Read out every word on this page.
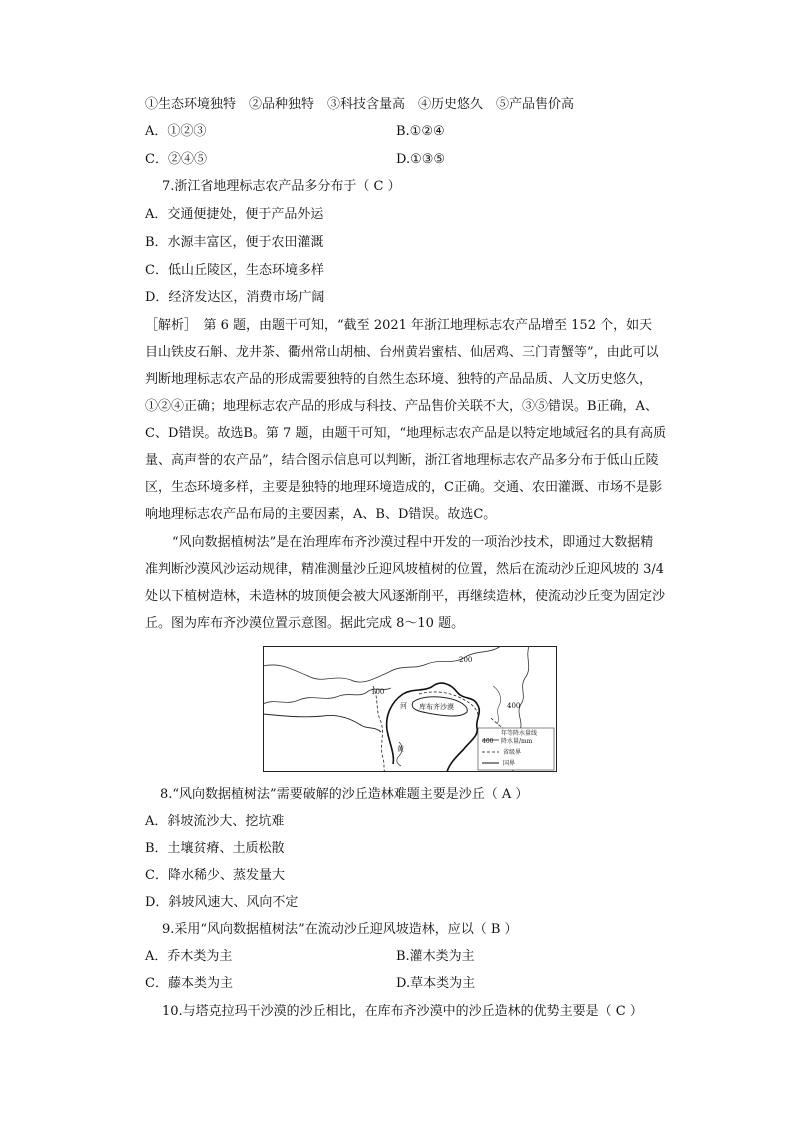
①生态环境独特　②品种独特　③科技含量高　④历史悠久　⑤产品售价高
A．①②③	B.①②④
C．②④⑤	D.①③⑤
7.浙江省地理标志农产品多分布于（ C ）
A．交通便捷处，便于产品外运
B．水源丰富区，便于农田灌溉
C．低山丘陵区，生态环境多样
D．经济发达区，消费市场广阔
［解析］　第 6 题，由题干可知，“截至 2021 年浙江地理标志农产品增至 152 个，如天
目山铁皮石斛、龙井茶、衢州常山胡柚、台州黄岩蜜桔、仙居鸡、三门青蟹等”，由此可以
判断地理标志农产品的形成需要独特的自然生态环境、独特的产品品质、人文历史悠久，
①②④正确；地理标志农产品的形成与科技、产品售价关联不大，③⑤错误。B正确，A、
C、D错误。故选B。第 7 题，由题干可知，“地理标志农产品是以特定地域冠名的具有高质
量、高声誉的农产品”，结合图示信息可以判断，浙江省地理标志农产品多分布于低山丘陵
区，生态环境多样，主要是独特的地理环境造成的，C正确。交通、农田灌溉、市场不是影
响地理标志农产品布局的主要因素，A、B、D错误。故选C。
“风向数据植树法”是在治理库布齐沙漠过程中开发的一项治沙技术，即通过大数据精
准判断沙漠风沙运动规律，精准测量沙丘迎风坡植树的位置，然后在流动沙丘迎风坡的 3/4
处以下植树造林，未造林的坡顶便会被大风逐渐削平，再继续造林，使流动沙丘变为固定沙
丘。图为库布齐沙漠位置示意图。据此完成 8～10 题。
200
100
400
河 库布齐沙漠
黄
年等降水量线
400 降水量/mm
省级界
国界
8.“风向数据植树法”需要破解的沙丘造林难题主要是沙丘（ A ）
A．斜坡流沙大、挖坑难
B．土壤贫瘠、土质松散
C．降水稀少、蒸发量大
D．斜坡风速大、风向不定
9.采用“风向数据植树法”在流动沙丘迎风坡造林，应以（ B ）
A．乔木类为主	B.灌木类为主
C．藤本类为主	D.草本类为主
10.与塔克拉玛干沙漠的沙丘相比，在库布齐沙漠中的沙丘造林的优势主要是（ C ）
